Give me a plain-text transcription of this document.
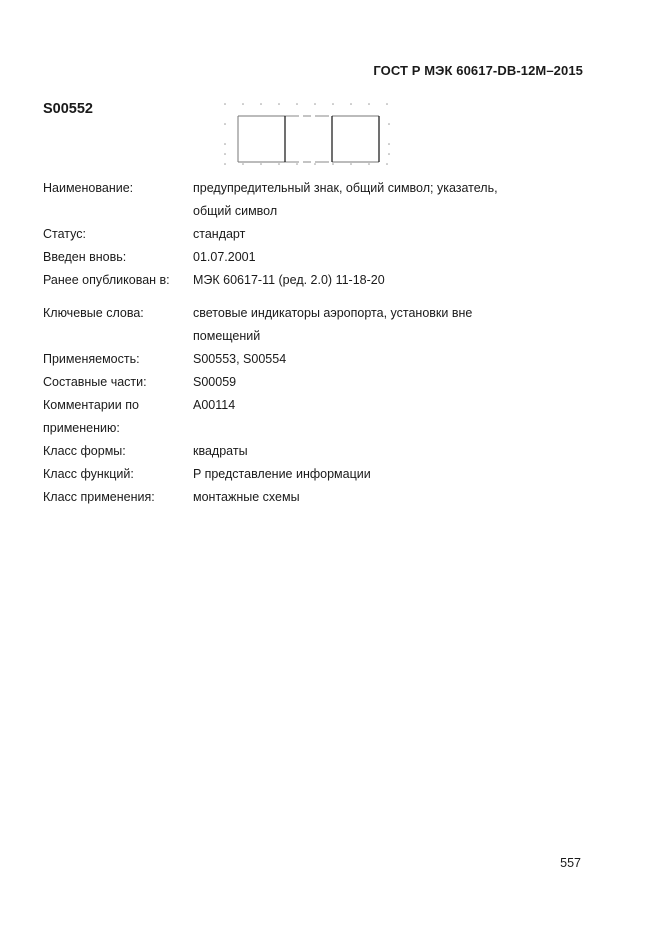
ГОСТ Р МЭК 60617-DB-12M–2015
S00552
Наименование:	предупредительный знак, общий символ; указатель,
общий символ
Статус:	стандарт
Введен вновь:	01.07.2001
Ранее опубликован в:	МЭК 60617-11 (ред. 2.0) 11-18-20
Ключевые слова:	световые индикаторы аэропорта, установки вне
помещений
Применяемость:	S00553, S00554
Составные части:	S00059
Комментарии по
применению:
A00114
Класс формы:	квадраты
Класс функций:	P представление информации
Класс применения:	монтажные схемы
557
